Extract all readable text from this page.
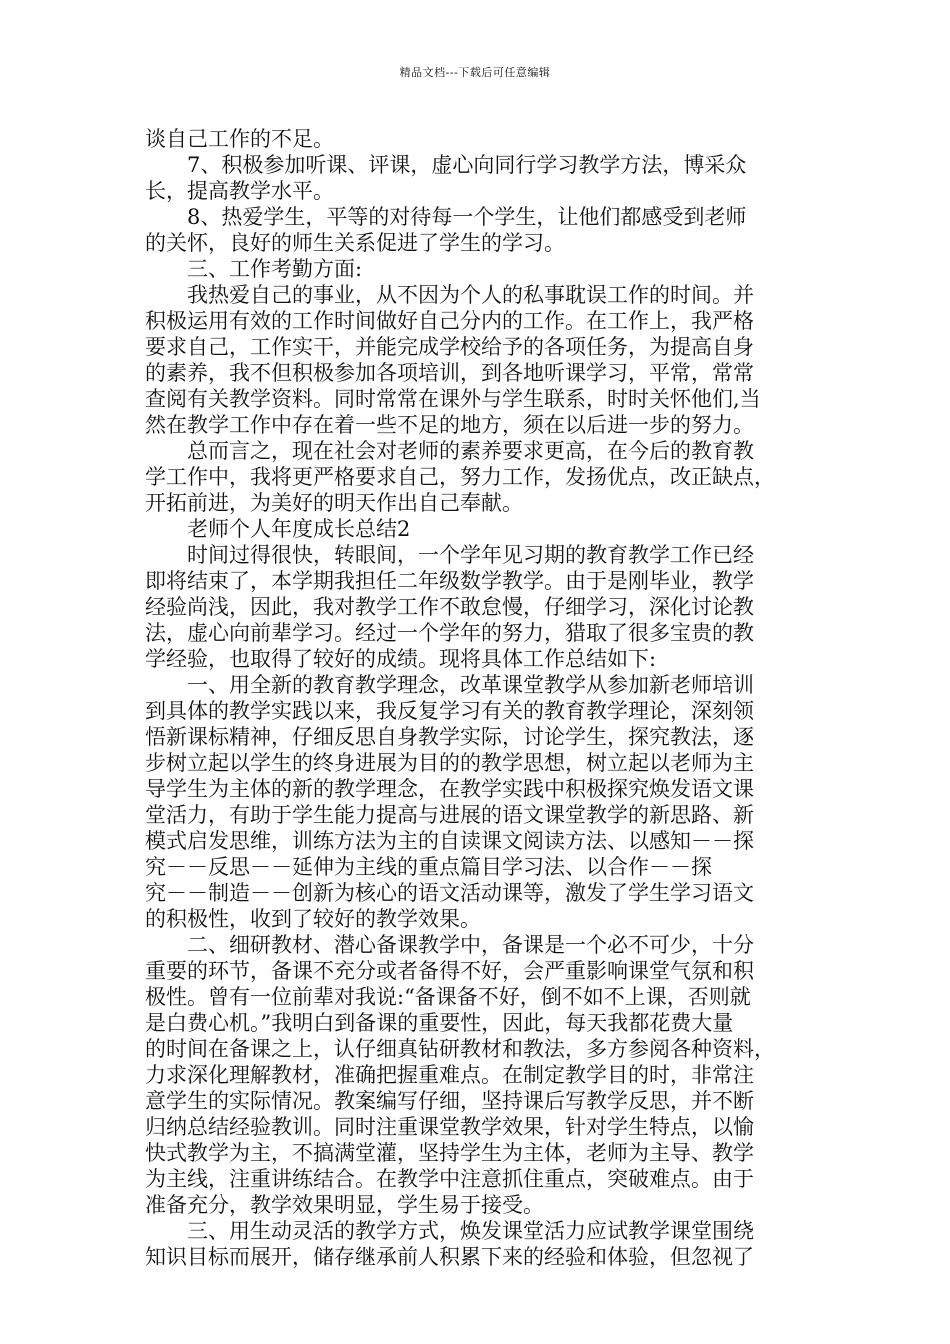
精品文档---下载后可任意编辑
谈自己工作的不足。
　　7、积极参加听课、评课，虚心向同行学习教学方法，博采众
长，提高教学水平。
　　8、热爱学生，平等的对待每一个学生，让他们都感受到老师
的关怀，良好的师生关系促进了学生的学习。
　　三、工作考勤方面:
　　我热爱自己的事业，从不因为个人的私事耽误工作的时间。并
积极运用有效的工作时间做好自己分内的工作。在工作上，我严格
要求自己，工作实干，并能完成学校给予的各项任务，为提高自身
的素养，我不但积极参加各项培训，到各地听课学习，平常，常常
查阅有关教学资料。同时常常在课外与学生联系，时时关怀他们,当
然在教学工作中存在着一些不足的地方，须在以后进一步的努力。
　　总而言之，现在社会对老师的素养要求更高，在今后的教育教
学工作中，我将更严格要求自己，努力工作，发扬优点，改正缺点，
开拓前进，为美好的明天作出自己奉献。
　　老师个人年度成长总结2
　　时间过得很快，转眼间，一个学年见习期的教育教学工作已经
即将结束了，本学期我担任二年级数学教学。由于是刚毕业，教学
经验尚浅，因此，我对教学工作不敢怠慢，仔细学习，深化讨论教
法，虚心向前辈学习。经过一个学年的努力，猎取了很多宝贵的教
学经验，也取得了较好的成绩。现将具体工作总结如下:
　　一、用全新的教育教学理念，改革课堂教学从参加新老师培训
到具体的教学实践以来，我反复学习有关的教育教学理论，深刻领
悟新课标精神，仔细反思自身教学实际，讨论学生，探究教法，逐
步树立起以学生的终身进展为目的的教学思想，树立起以老师为主
导学生为主体的新的教学理念，在教学实践中积极探究焕发语文课
堂活力，有助于学生能力提高与进展的语文课堂教学的新思路、新
模式启发思维，训练方法为主的自读课文阅读方法、以感知－－探
究－－反思－－延伸为主线的重点篇目学习法、以合作－－探
究－－制造－－创新为核心的语文活动课等，激发了学生学习语文
的积极性，收到了较好的教学效果。
　　二、细研教材、潜心备课教学中，备课是一个必不可少，十分
重要的环节，备课不充分或者备得不好，会严重影响课堂气氛和积
极性。曾有一位前辈对我说:“备课备不好，倒不如不上课，否则就
是白费心机。”我明白到备课的重要性，因此，每天我都花费大量
的时间在备课之上，认仔细真钻研教材和教法，多方参阅各种资料，
力求深化理解教材，准确把握重难点。在制定教学目的时，非常注
意学生的实际情况。教案编写仔细，坚持课后写教学反思，并不断
归纳总结经验教训。同时注重课堂教学效果，针对学生特点，以愉
快式教学为主，不搞满堂灌，坚持学生为主体，老师为主导、教学
为主线，注重讲练结合。在教学中注意抓住重点，突破难点。由于
准备充分，教学效果明显，学生易于接受。
　　三、用生动灵活的教学方式，焕发课堂活力应试教学课堂围绕
知识目标而展开，储存继承前人积累下来的经验和体验，但忽视了
